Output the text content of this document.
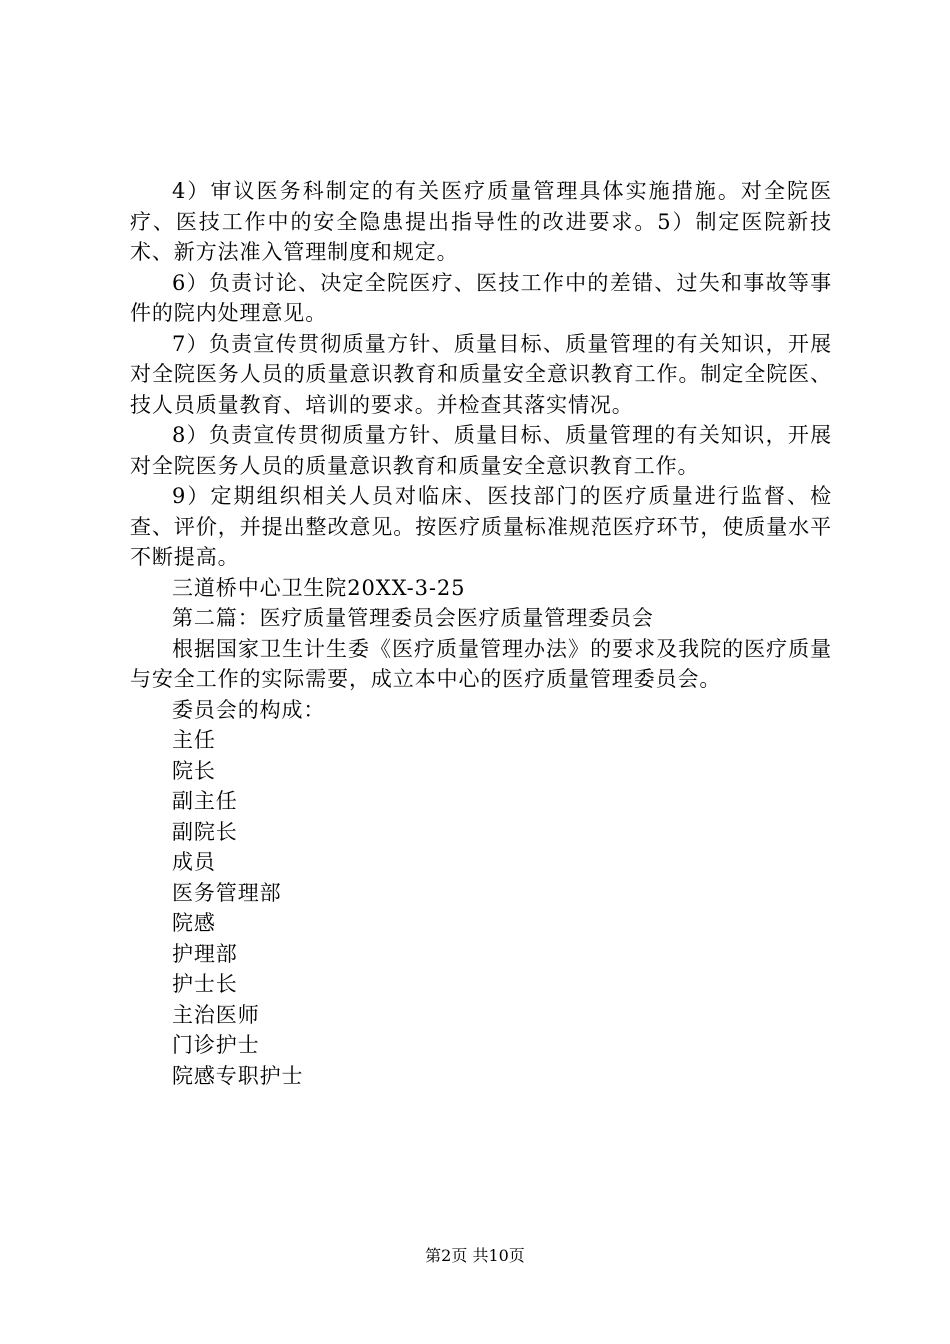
4）审议医务科制定的有关医疗质量管理具体实施措施。对全院医疗、医技工作中的安全隐患提出指导性的改进要求。5）制定医院新技术、新方法准入管理制度和规定。

6）负责讨论、决定全院医疗、医技工作中的差错、过失和事故等事件的院内处理意见。

7）负责宣传贯彻质量方针、质量目标、质量管理的有关知识，开展对全院医务人员的质量意识教育和质量安全意识教育工作。制定全院医、技人员质量教育、培训的要求。并检查其落实情况。

8）负责宣传贯彻质量方针、质量目标、质量管理的有关知识，开展对全院医务人员的质量意识教育和质量安全意识教育工作。

9）定期组织相关人员对临床、医技部门的医疗质量进行监督、检查、评价，并提出整改意见。按医疗质量标准规范医疗环节，使质量水平不断提高。

三道桥中心卫生院20XX-3-25

第二篇：医疗质量管理委员会医疗质量管理委员会

根据国家卫生计生委《医疗质量管理办法》的要求及我院的医疗质量与安全工作的实际需要，成立本中心的医疗质量管理委员会。

委员会的构成：

主任

院长

副主任

副院长

成员

医务管理部

院感

护理部

护士长

主治医师

门诊护士

院感专职护士

第2页 共10页
